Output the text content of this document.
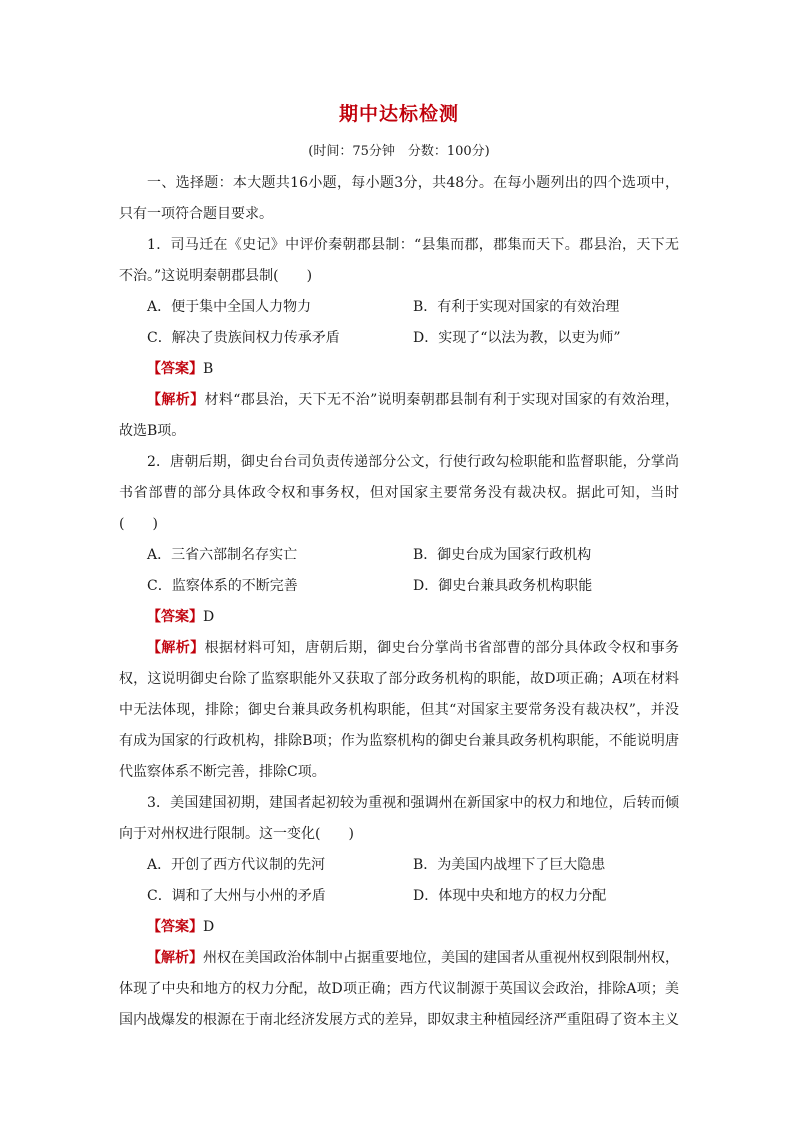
期中达标检测
(时间：75分钟　分数：100分)

一、选择题：本大题共16小题，每小题3分，共48分。在每小题列出的四个选项中，只有一项符合题目要求。

1．司马迁在《史记》中评价秦朝郡县制：“县集而郡，郡集而天下。郡县治，天下无不治。”这说明秦朝郡县制(　　)

A．便于集中全国人力物力	B．有利于实现对国家的有效治理
C．解决了贵族间权力传承矛盾	D．实现了“以法为教，以吏为师”

【答案】B

【解析】材料“郡县治，天下无不治”说明秦朝郡县制有利于实现对国家的有效治理，故选B项。

2．唐朝后期，御史台台司负责传递部分公文，行使行政勾检职能和监督职能，分掌尚书省部曹的部分具体政令权和事务权，但对国家主要常务没有裁决权。据此可知，当时(　　)

A．三省六部制名存实亡	B．御史台成为国家行政机构
C．监察体系的不断完善	D．御史台兼具政务机构职能

【答案】D

【解析】根据材料可知，唐朝后期，御史台分掌尚书省部曹的部分具体政令权和事务权，这说明御史台除了监察职能外又获取了部分政务机构的职能，故D项正确；A项在材料中无法体现，排除；御史台兼具政务机构职能，但其“对国家主要常务没有裁决权”，并没有成为国家的行政机构，排除B项；作为监察机构的御史台兼具政务机构职能，不能说明唐代监察体系不断完善，排除C项。

3．美国建国初期，建国者起初较为重视和强调州在新国家中的权力和地位，后转而倾向于对州权进行限制。这一变化(　　)

A．开创了西方代议制的先河	B．为美国内战埋下了巨大隐患
C．调和了大州与小州的矛盾	D．体现中央和地方的权力分配

【答案】D

【解析】州权在美国政治体制中占据重要地位，美国的建国者从重视州权到限制州权，体现了中央和地方的权力分配，故D项正确；西方代议制源于英国议会政治，排除A项；美国内战爆发的根源在于南北经济发展方式的差异，即奴隶主种植园经济严重阻碍了资本主义
